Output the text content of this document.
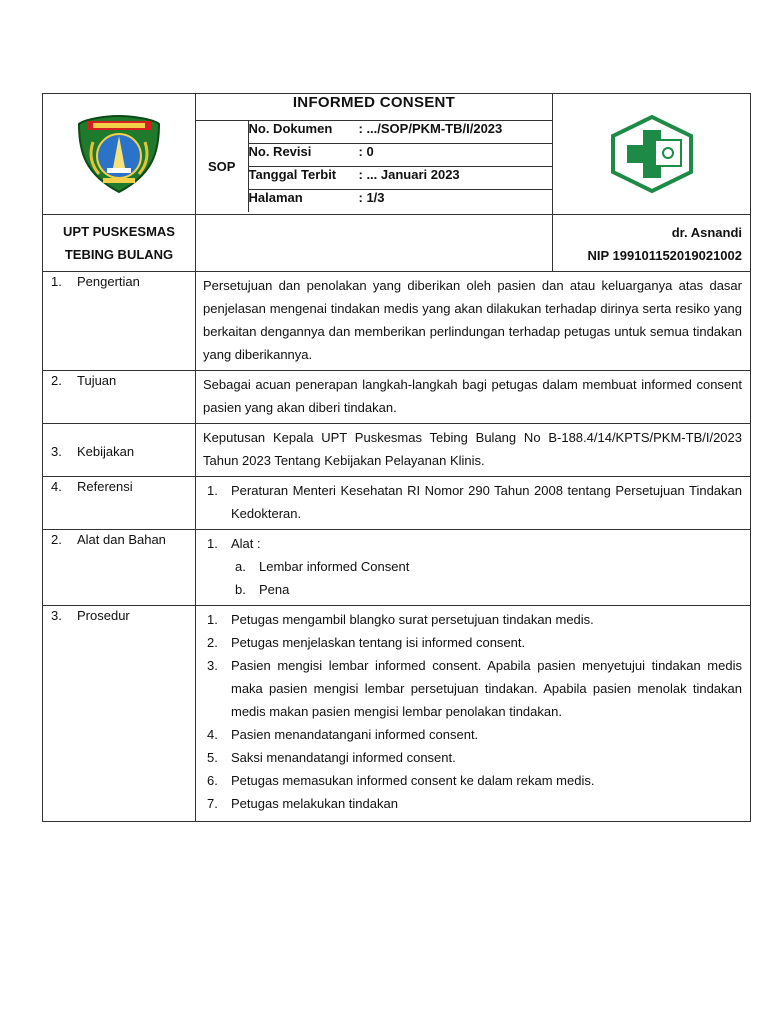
INFORMED CONSENT
SOP	No. Dokumen : .../SOP/PKM-TB/I/2023
No. Revisi	: 0
Tanggal Terbit : ... Januari 2023
Halaman	: 1/3

UPT PUSKESMAS
TEBING BULANG

dr. Asnandi
NIP 199101152019021002

1. Pengertian	Persetujuan dan penolakan yang diberikan oleh pasien dan atau keluarganya atas dasar penjelasan mengenai tindakan medis yang akan dilakukan terhadap dirinya serta resiko yang berkaitan dengannya dan memberikan perlindungan terhadap petugas untuk semua tindakan yang diberikannya.
2. Tujuan	Sebagai acuan penerapan langkah-langkah bagi petugas dalam membuat informed consent pasien yang akan diberi tindakan.
3. Kebijakan	Keputusan Kepala UPT Puskesmas Tebing Bulang No B-188.4/14/KPTS/PKM-TB/I/2023 Tahun 2023 Tentang Kebijakan Pelayanan Klinis.
4. Referensi	1.	Peraturan Menteri Kesehatan RI Nomor 290 Tahun 2008 tentang Persetujuan Tindakan Kedokteran.

2. Alat dan Bahan	1.	Alat :
a.	Lembar informed Consent
b.	Pena

3. Prosedur	1.	Petugas mengambil blangko surat persetujuan tindakan medis.
2.	Petugas menjelaskan tentang isi informed consent.
3.	Pasien mengisi lembar informed consent. Apabila pasien menyetujui tindakan medis maka pasien mengisi lembar persetujuan tindakan. Apabila pasien menolak tindakan medis makan pasien mengisi lembar penolakan tindakan.
4.	Pasien menandatangani informed consent.
5.	Saksi menandatangi informed consent.
6.	Petugas memasukan informed consent ke dalam rekam medis.
7.	Petugas melakukan tindakan
